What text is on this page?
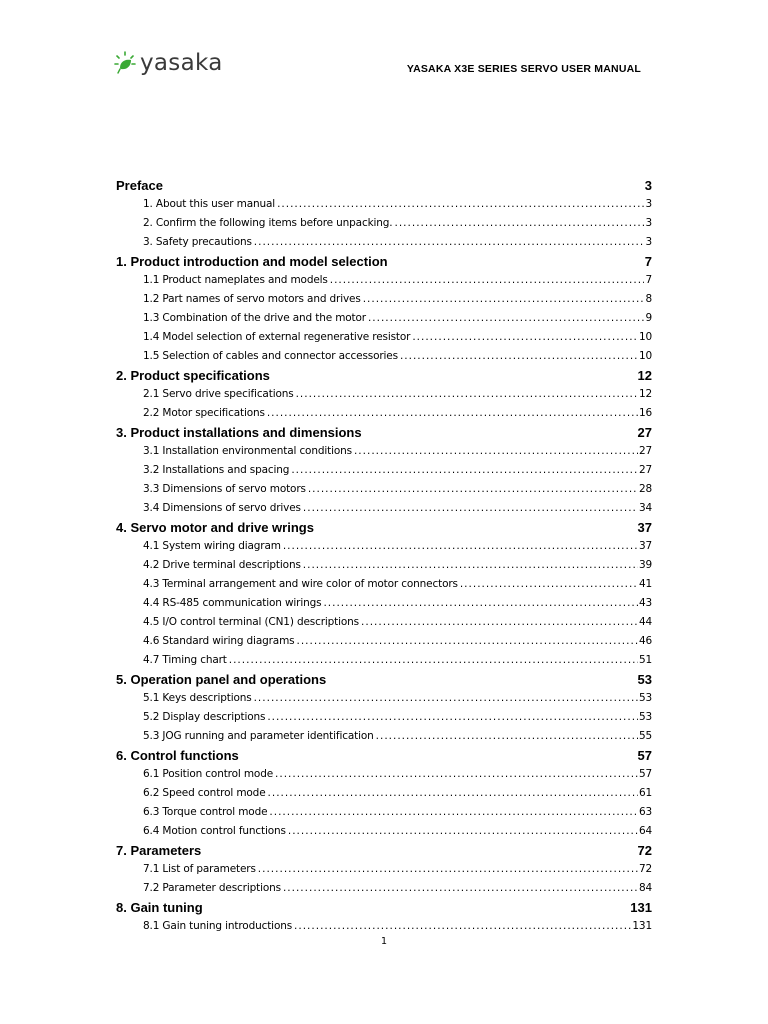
yasaka	YASAKA X3E SERIES SERVO USER MANUAL
Preface	3
1. About this user manual .....	3
2. Confirm the following items before unpacking. .....	3
3. Safety precautions .....	3
1. Product introduction and model selection	7
1.1 Product nameplates and models .....	7
1.2 Part names of servo motors and drives .....	8
1.3 Combination of the drive and the motor .....	9
1.4 Model selection of external regenerative resistor .....	10
1.5 Selection of cables and connector accessories .....	10
2. Product specifications	12
2.1 Servo drive specifications .....	12
2.2 Motor specifications .....	16
3. Product installations and dimensions	27
3.1 Installation environmental conditions .....	27
3.2 Installations and spacing .....	27
3.3 Dimensions of servo motors .....	28
3.4 Dimensions of servo drives .....	34
4. Servo motor and drive wrings	37
4.1 System wiring diagram .....	37
4.2 Drive terminal descriptions .....	39
4.3 Terminal arrangement and wire color of motor connectors .....	41
4.4 RS-485 communication wirings .....	43
4.5 I/O control terminal (CN1) descriptions .....	44
4.6 Standard wiring diagrams .....	46
4.7 Timing chart .....	51
5. Operation panel and operations	53
5.1 Keys descriptions .....	53
5.2 Display descriptions .....	53
5.3 JOG running and parameter identification .....	55
6. Control functions	57
6.1 Position control mode .....	57
6.2 Speed control mode .....	61
6.3 Torque control mode .....	63
6.4 Motion control functions .....	64
7. Parameters	72
7.1 List of parameters .....	72
7.2 Parameter descriptions .....	84
8. Gain tuning	131
8.1 Gain tuning introductions .....	131
1
